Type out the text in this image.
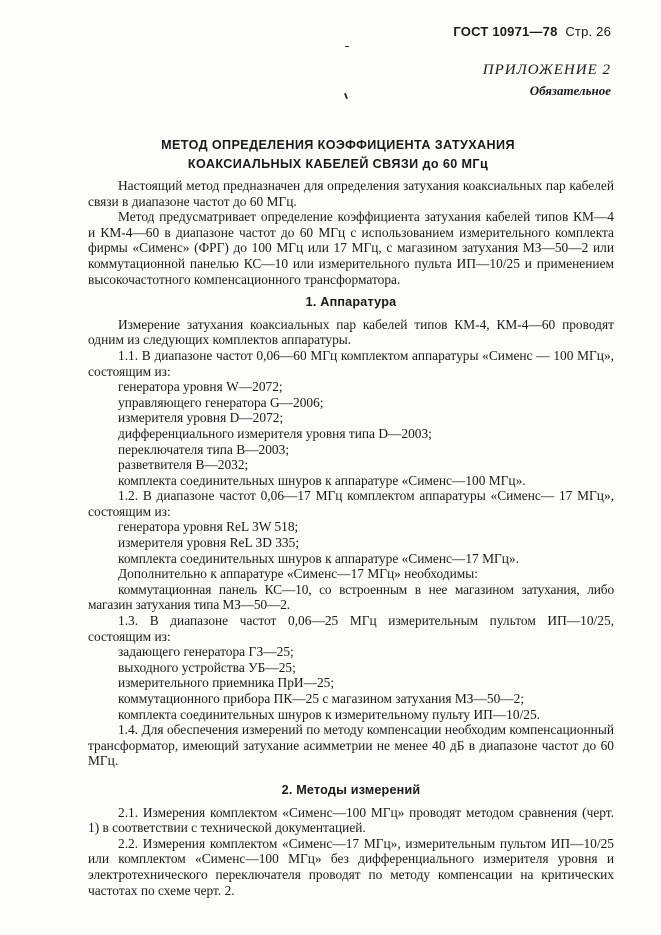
ГОСТ 10971—78 Стр. 26
ПРИЛОЖЕНИЕ 2
Обязательное
МЕТОД ОПРЕДЕЛЕНИЯ КОЭФФИЦИЕНТА ЗАТУХАНИЯ
КОАКСИАЛЬНЫХ КАБЕЛЕЙ СВЯЗИ до 60 МГц

Настоящий метод предназначен для определения затухания коаксиальных пар кабелей связи в диапазоне частот до 60 МГц.

Метод предусматривает определение коэффициента затухания кабелей типов КМ—4 и КМ-4—60 в диапазоне частот до 60 МГц с использованием измерительного комплекта фирмы «Сименс» (ФРГ) до 100 МГц или 17 МГц, с магазином затухания МЗ—50—2 или коммутационной панелью КС—10 или измерительного пульта ИП—10/25 и применением высокочастотного компенсационного трансформатора.

1. Аппаратура

Измерение затухания коаксиальных пар кабелей типов КМ-4, КМ-4—60 проводят одним из следующих комплектов аппаратуры.

1.1. В диапазоне частот 0,06—60 МГц комплектом аппаратуры «Сименс — 100 МГц», состоящим из:

генератора уровня W—2072;

управляющего генератора G—2006;

измерителя уровня D—2072;

дифференциального измерителя уровня типа D—2003;

переключателя типа B—2003;

разветвителя B—2032;

комплекта соединительных шнуров к аппаратуре «Сименс—100 МГц».

1.2. В диапазоне частот 0,06—17 МГц комплектом аппаратуры «Сименс— 17 МГц», состоящим из:

генератора уровня ReL 3W 518;

измерителя уровня ReL 3D 335;

комплекта соединительных шнуров к аппаратуре «Сименс—17 МГц».

Дополнительно к аппаратуре «Сименс—17 МГц» необходимы:

коммутационная панель КС—10, со встроенным в нее магазином затухания, либо магазин затухания типа МЗ—50—2.

1.3. В диапазоне частот 0,06—25 МГц измерительным пультом ИП—10/25, состоящим из:

задающего генератора ГЗ—25;

выходного устройства УБ—25;

измерительного приемника ПрИ—25;

коммутационного прибора ПК—25 с магазином затухания МЗ—50—2;

комплекта соединительных шнуров к измерительному пульту ИП—10/25.

1.4. Для обеспечения измерений по методу компенсации необходим компенсационный трансформатор, имеющий затухание асимметрии не менее 40 дБ в диапазоне частот до 60 МГц.

2. Методы измерений

2.1. Измерения комплектом «Сименс—100 МГц» проводят методом сравнения (черт. 1) в соответствии с технической документацией.

2.2. Измерения комплектом «Сименс—17 МГц», измерительным пультом ИП—10/25 или комплектом «Сименс—100 МГц» без дифференциального измерителя уровня и электротехнического переключателя проводят по методу компенсации на критических частотах по схеме черт. 2.
